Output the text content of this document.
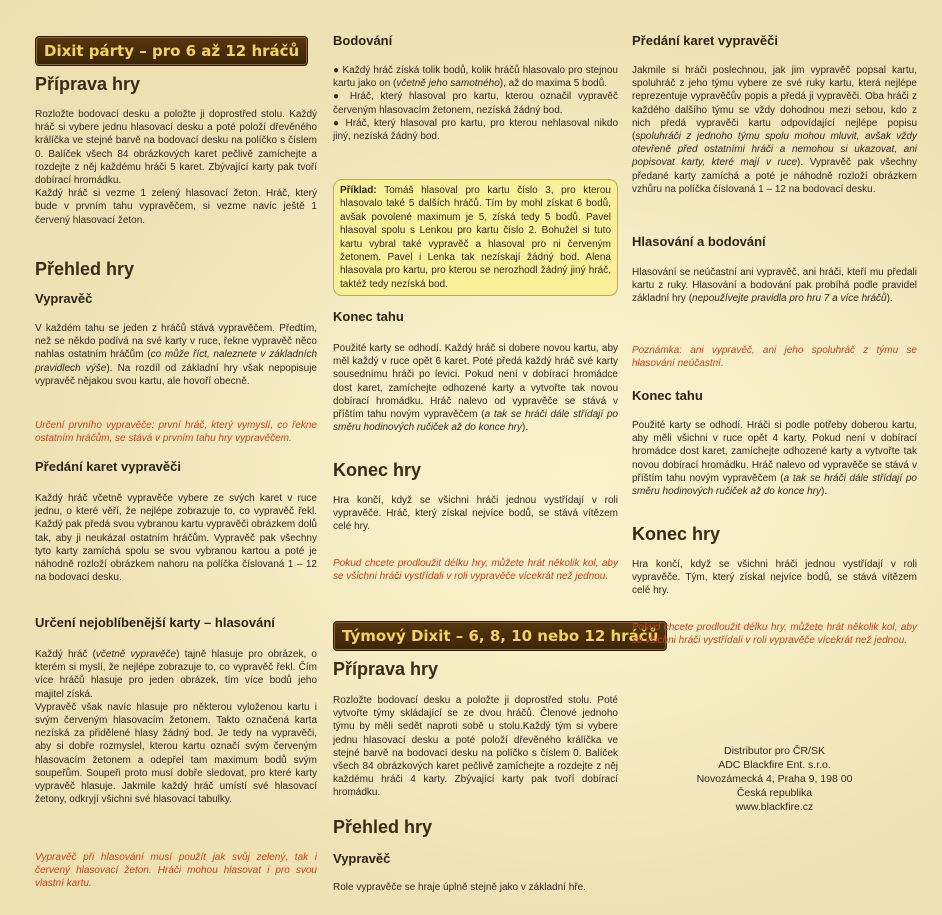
Dixit párty – pro 6 až 12 hráčů
Příprava hry
Rozložte bodovací desku a položte ji doprostřed stolu. Každý hráč si vybere jednu hlasovací desku a poté položí dřevěného králíčka ve stejné barvě na bodovací desku na políčko s číslem 0. Balíček všech 84 obrázkových karet pečlivě zamíchejte a rozdejte z něj každému hráči 5 karet. Zbývající karty pak tvoří dobírací hromádku.
Každý hráč si vezme 1 zelený hlasovací žeton. Hráč, který bude v prvním tahu vypravěčem, si vezme navíc ještě 1 červený hlasovací žeton.
Přehled hry
Vypravěč
V každém tahu se jeden z hráčů stává vypravěčem. Předtím, než se někdo podívá na své karty v ruce, řekne vypravěč něco nahlas ostatním hráčům (co může říct, naleznete v základních pravidlech výše). Na rozdíl od základní hry však nepopisuje vypravěč nějakou svou kartu, ale hovoří obecně.
Určení prvního vypravěče: první hráč, který vymyslí, co řekne ostatním hráčům, se stává v prvním tahu hry vypravěčem.
Předání karet vypravěči
Každý hráč včetně vypravěče vybere ze svých karet v ruce jednu, o které věří, že nejlépe zobrazuje to, co vypravěč řekl. Každý pak předá svou vybranou kartu vypravěči obrázkem dolů tak, aby ji neukázal ostatním hráčům. Vypravěč pak všechny tyto karty zamíchá spolu se svou vybranou kartou a poté je náhodně rozloží obrázkem nahoru na políčka číslovaná 1 – 12 na bodovací desku.
Určení nejoblíbenější karty – hlasování
Každý hráč (včetně vypravěče) tajně hlasuje pro obrázek, o kterém si myslí, že nejlépe zobrazuje to, co vypravěč řekl. Čím více hráčů hlasuje pro jeden obrázek, tím více bodů jeho majitel získá.
Vypravěč však navíc hlasuje pro některou vyloženou kartu i svým červeným hlasovacím žetonem. Takto označená karta nezíská za přidělené hlasy žádný bod. Je tedy na vypravěči, aby si dobře rozmyslel, kterou kartu označí svým červeným hlasovacím žetonem a odepřel tam maximum bodů svým soupeřům. Soupeři proto musí dobře sledovat, pro které karty vypravěč hlasuje. Jakmile každý hráč umístí své hlasovací žetony, odkryjí všichni své hlasovací tabulky.
Vypravěč při hlasování musí použít jak svůj zelený, tak i červený hlasovací žeton. Hráči mohou hlasovat i pro svou vlastní kartu.
Bodování
● Každý hráč získá tolik bodů, kolik hráčů hlasovalo pro stejnou kartu jako on (včetně jeho samotného), až do maxima 5 bodů.
● Hráč, který hlasoval pro kartu, kterou označil vypravěč červeným hlasovacím žetonem, nezíská žádný bod.
● Hráč, který hlasoval pro kartu, pro kterou nehlasoval nikdo jiný, nezíská žádný bod.
Příklad: Tomáš hlasoval pro kartu číslo 3, pro kterou hlasovalo také 5 dalších hráčů. Tím by mohl získat 6 bodů, avšak povolené maximum je 5, získá tedy 5 bodů. Pavel hlasoval spolu s Lenkou pro kartu číslo 2. Bohužel si tuto kartu vybral také vypravěč a hlasoval pro ni červeným žetonem. Pavel i Lenka tak nezískají žádný bod. Alena hlasovala pro kartu, pro kterou se nerozhodl žádný jiný hráč, taktéž tedy nezíská bod.
Konec tahu
Použité karty se odhodí. Každý hráč si dobere novou kartu, aby měl každý v ruce opět 6 karet. Poté předá každý hráč své karty sousednímu hráči po levici. Pokud není v dobírací hromádce dost karet, zamíchejte odhozené karty a vytvořte tak novou dobírací hromádku. Hráč nalevo od vypravěče se stává v příštím tahu novým vypravěčem (a tak se hráči dále střídají po směru hodinových ručiček až do konce hry).
Konec hry
Hra končí, když se všichni hráči jednou vystřídají v roli vypravěče. Hráč, který získal nejvíce bodů, se stává vítězem celé hry.
Pokud chcete prodloužit délku hry, můžete hrát několik kol, aby se všichni hráči vystřídali v roli vypravěče vícekrát než jednou.
Týmový Dixit – 6, 8, 10 nebo 12 hráčů
Příprava hry
Rozložte bodovací desku a položte ji doprostřed stolu. Poté vytvořte týmy skládající se ze dvou hráčů. Členové jednoho týmu by měli sedět naproti sobě u stolu.Každý tým si vybere jednu hlasovací desku a poté položí dřevěného králíčka ve stejné barvě na bodovací desku na políčko s číslem 0. Balíček všech 84 obrázkových karet pečlivě zamíchejte a rozdejte z něj každému hráči 4 karty. Zbývající karty pak tvoří dobírací hromádku.
Přehled hry
Vypravěč
Role vypravěče se hraje úplně stejně jako v základní hře.
Předání karet vypravěči
Jakmile si hráči poslechnou, jak jim vypravěč popsal kartu, spoluhráč z jeho týmu vybere ze své ruky kartu, která nejlépe reprezentuje vypravěčův popis a předá ji vypravěči. Oba hráči z každého dalšího týmu se vždy dohodnou mezi sebou, kdo z nich předá vypravěči kartu odpovídající nejlépe popisu (spoluhráči z jednoho týmu spolu mohou mluvit, avšak vždy otevřeně před ostatními hráči a nemohou si ukazovat, ani popisovat karty, které mají v ruce). Vypravěč pak všechny předané karty zamíchá a poté je náhodně rozloží obrázkem vzhůru na políčka číslovaná 1 – 12 na bodovací desku.
Hlasování a bodování
Hlasování se neúčastní ani vypravěč, ani hráči, kteří mu předali kartu z ruky. Hlasování a bodování pak probíhá podle pravidel základní hry (nepoužívejte pravidla pro hru 7 a více hráčů).
Poznámka: ani vypravěč, ani jeho spoluhráč z týmu se hlasování neúčastní.
Konec tahu
Použité karty se odhodí. Hráči si podle potřeby doberou kartu, aby měli všichni v ruce opět 4 karty. Pokud není v dobírací hromádce dost karet, zamíchejte odhozené karty a vytvořte tak novou dobírací hromádku. Hráč nalevo od vypravěče se stává v příštím tahu novým vypravěčem (a tak se hráči dále střídají po směru hodinových ručiček až do konce hry).
Konec hry
Hra končí, když se všichni hráči jednou vystřídají v roli vypravěče. Tým, který získal nejvíce bodů, se stává vítězem celé hry.
Pokud chcete prodloužit délku hry, můžete hrát několik kol, aby se všichni hráči vystřídali v roli vypravěče vícekrát než jednou.
Distributor pro ČR/SK
ADC Blackfire Ent. s.r.o.
Novozámecká 4, Praha 9, 198 00
Česká republika
www.blackfire.cz
